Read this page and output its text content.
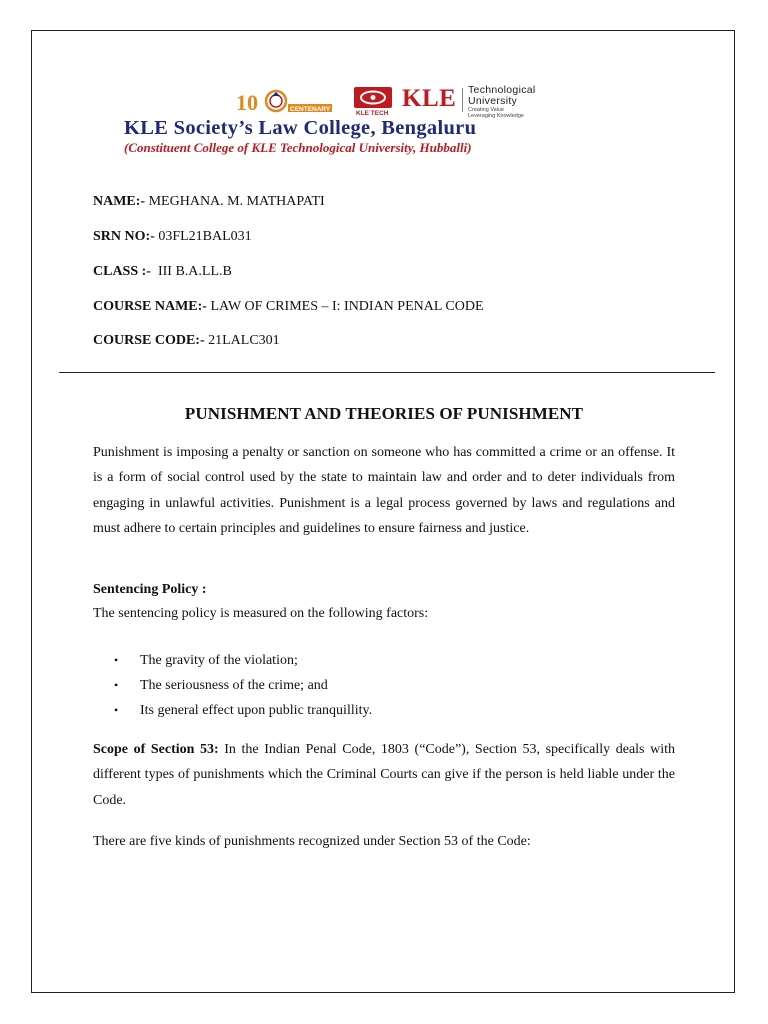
10	CENTENARY
KLE TECH
KLE Technological
University
Creating Value
Leveraging Knowledge
KLE Society’s Law College, Bengaluru
(Constituent College of KLE Technological University, Hubballi)
NAME:- MEGHANA. M. MATHAPATI
SRN NO:- 03FL21BAL031
CLASS :-  III B.A.LL.B
COURSE NAME:- LAW OF CRIMES – I: INDIAN PENAL CODE
COURSE CODE:- 21LALC301
PUNISHMENT AND THEORIES OF PUNISHMENT

Punishment is imposing a penalty or sanction on someone who has committed a crime or an offense. It is a form of social control used by the state to maintain law and order and to deter individuals from engaging in unlawful activities. Punishment is a legal process governed by laws and regulations and must adhere to certain principles and guidelines to ensure fairness and justice.

Sentencing Policy :
The sentencing policy is measured on the following factors:
• The gravity of the violation;
• The seriousness of the crime; and
• Its general effect upon public tranquillity.

Scope of Section 53: In the Indian Penal Code, 1803 (“Code”), Section 53, specifically deals with different types of punishments which the Criminal Courts can give if the person is held liable under the Code.

There are five kinds of punishments recognized under Section 53 of the Code:
